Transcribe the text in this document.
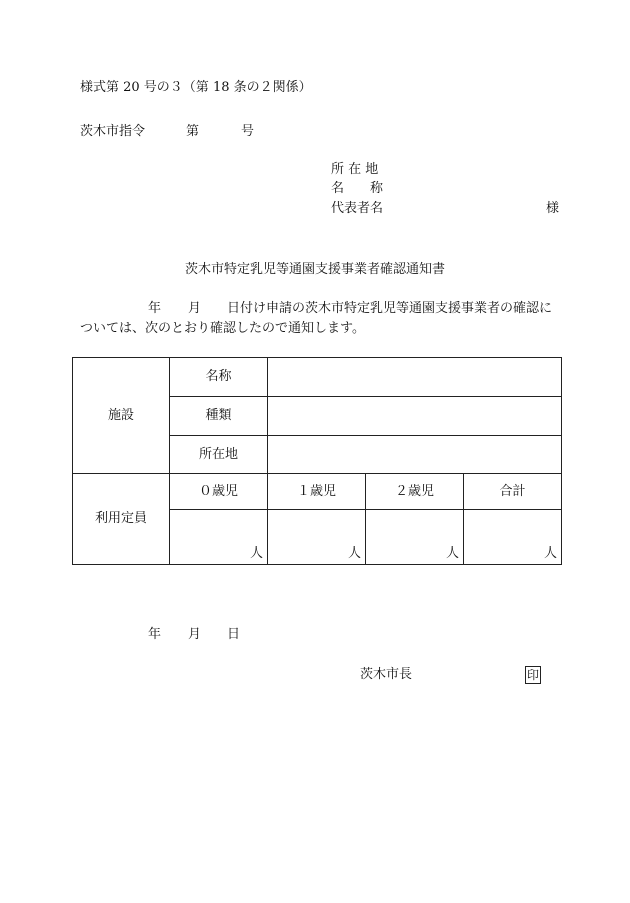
様式第 20 号の３（第 18 条の２関係）
茨木市指令	第	号
所 在 地
名　　称
代表者名	様
茨木市特定乳児等通園支援事業者確認通知書
年 月 日付け申請の茨木市特定乳児等通園支援事業者の確認に
ついては、次のとおり確認したので通知します。
施設	名称			
	種類			
	所在地			
利用定員	０歳児	１歳児	２歳児	合計
	人	人	人	人
年 月 日
茨木市長	印
